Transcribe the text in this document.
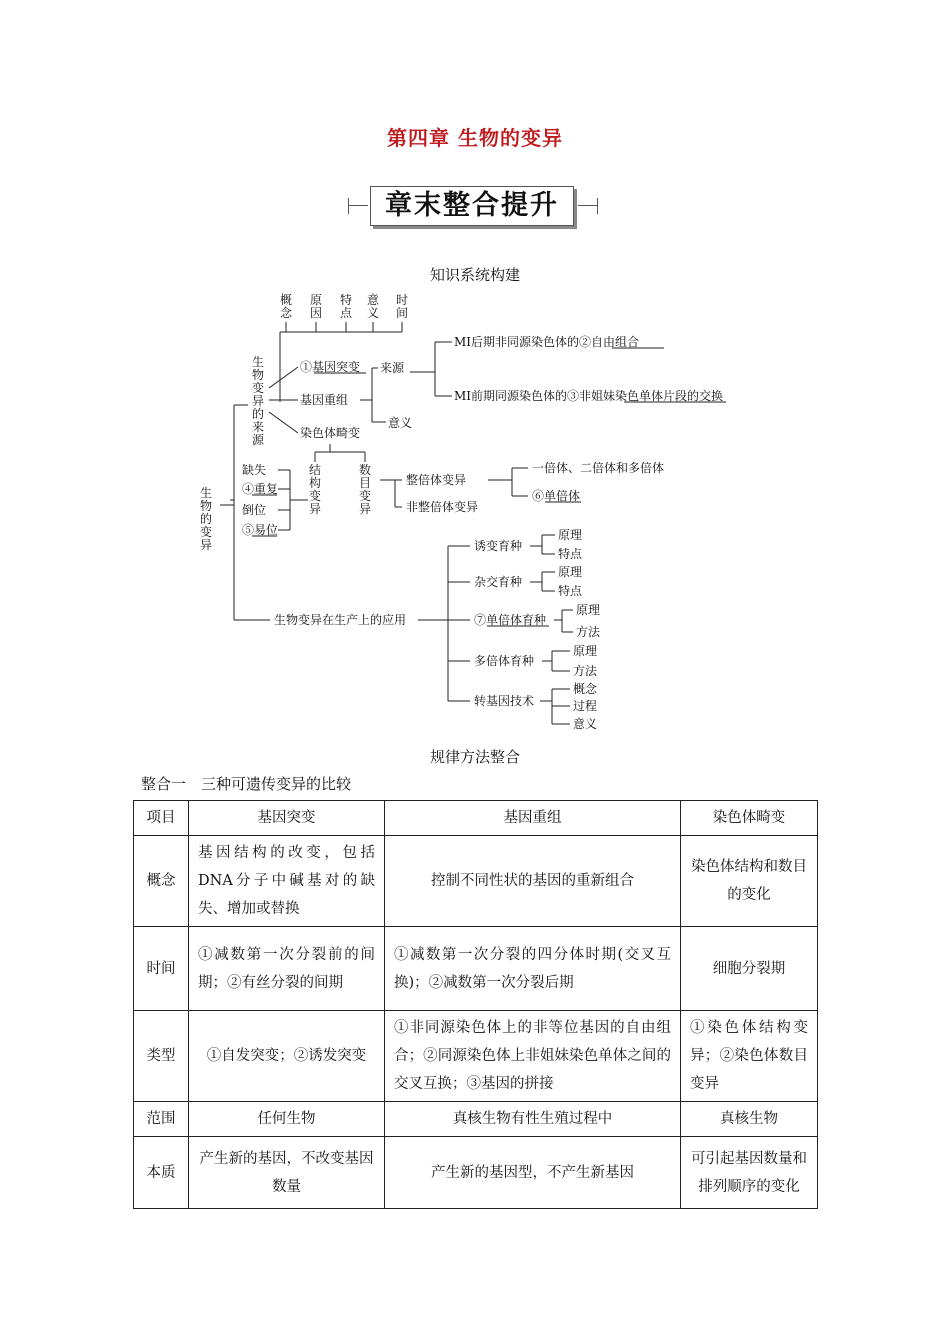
第四章 生物的变异
章末整合提升
知识系统构建
生
物
的
变
异
生
物
变
异
的
来
源
概
念
原
因
特
点
意
义
时
间
①基因突变
基因重组
染色体畸变
来源
意义
MⅠ后期非同源染色体的②自由组合
MⅠ前期同源染色体的③非姐妹染色单体片段的交换
结
构
变
异
数
目
变
异
缺失
④重复
倒位
⑤易位
整倍体变异
非整倍体变异
一倍体、二倍体和多倍体
⑥单倍体
生物变异在生产上的应用
诱变育种
原理
特点
杂交育种
原理
特点
⑦单倍体育种
原理
方法
多倍体育种
原理
方法
转基因技术
概念
过程
意义
规律方法整合
整合一　三种可遗传变异的比较
项目	基因突变	基因重组	染色体畸变
概念	基因结构的改变，包括DNA分子中碱基对的缺失、增加或替换	控制不同性状的基因的重新组合	染色体结构和数目的变化
时间	①减数第一次分裂前的间期；②有丝分裂的间期	①减数第一次分裂的四分体时期(交叉互换)；②减数第一次分裂后期	细胞分裂期
类型	①自发突变；②诱发突变	①非同源染色体上的非等位基因的自由组合；②同源染色体上非姐妹染色单体之间的交叉互换；③基因的拼接	①染色体结构变异；②染色体数目变异
范围	任何生物	真核生物有性生殖过程中	真核生物
本质	产生新的基因，不改变基因数量	产生新的基因型，不产生新基因	可引起基因数量和排列顺序的变化
